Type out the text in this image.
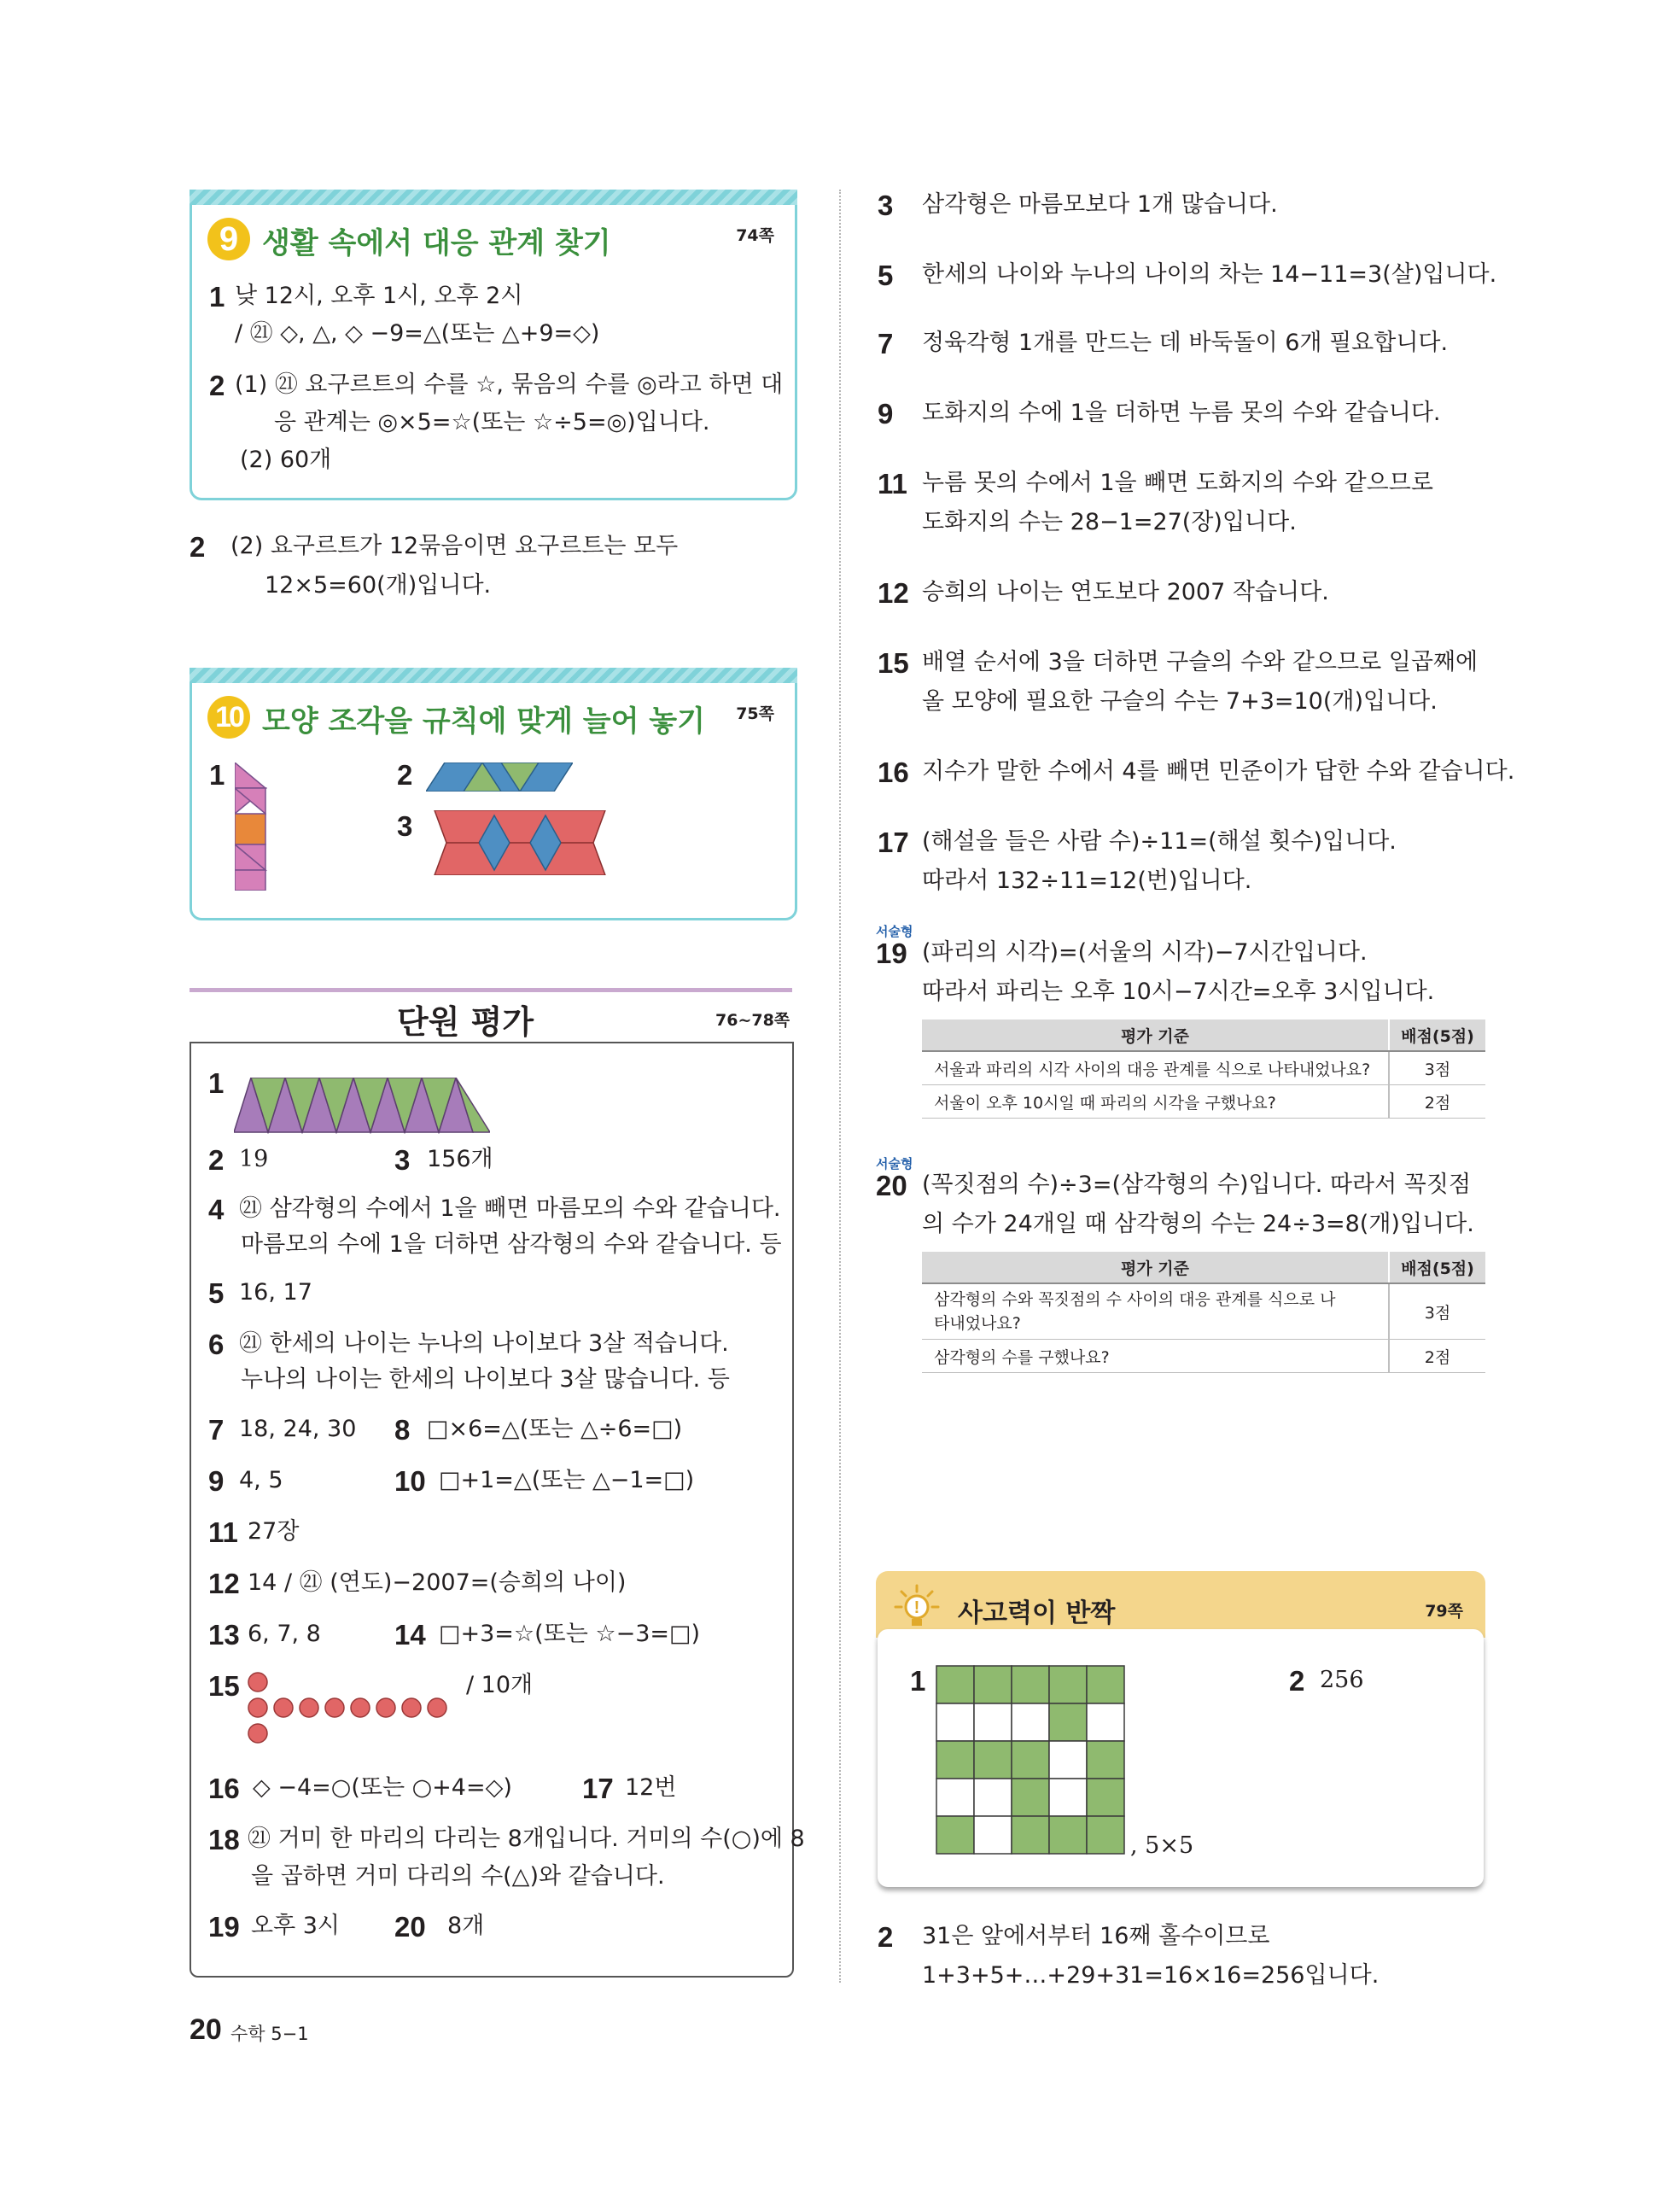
9 생활 속에서 대응 관계 찾기	74쪽
1 낮 12시, 오후 1시, 오후 2시
/ ㉑ ◇, △, ◇ −9=△(또는 △+9=◇)
2 (1) ㉑ 요구르트의 수를 ☆, 묶음의 수를 ◎라고 하면 대
응 관계는 ◎×5=☆(또는 ☆÷5=◎)입니다.
(2) 60개
2 (2) 요구르트가 12묶음이면 요구르트는 모두
12×5=60(개)입니다.
10 모양 조각을 규칙에 맞게 늘어 놓기 75쪽
1	2
3
단원 평가	76~78쪽
1
2 19	3 156개
4 ㉑ 삼각형의 수에서 1을 빼면 마름모의 수와 같습니다.
마름모의 수에 1을 더하면 삼각형의 수와 같습니다. 등
5 16, 17
6 ㉑ 한세의 나이는 누나의 나이보다 3살 적습니다.
누나의 나이는 한세의 나이보다 3살 많습니다. 등
7 18, 24, 30 8 □×6=△(또는 △÷6=□)
9 4, 5	10 □+1=△(또는 △−1=□)
11 27장
12 14 / ㉑ (연도)−2007=(승희의 나이)
13 6, 7, 8	14 □+3=☆(또는 ☆−3=□)
15	/ 10개
16 ◇ −4=○(또는 ○+4=◇) 17 12번
18 ㉑ 거미 한 마리의 다리는 8개입니다. 거미의 수(○)에 8
을 곱하면 거미 다리의 수(△)와 같습니다.
19 오후 3시 20 8개
20 수학 5−1
3 삼각형은 마름모보다 1개 많습니다.
5 한세의 나이와 누나의 나이의 차는 14−11=3(살)입니다.
7 정육각형 1개를 만드는 데 바둑돌이 6개 필요합니다.
9 도화지의 수에 1을 더하면 누름 못의 수와 같습니다.
11 누름 못의 수에서 1을 빼면 도화지의 수와 같으므로
도화지의 수는 28−1=27(장)입니다.
12 승희의 나이는 연도보다 2007 작습니다.
15 배열 순서에 3을 더하면 구슬의 수와 같으므로 일곱째에
올 모양에 필요한 구슬의 수는 7+3=10(개)입니다.
16 지수가 말한 수에서 4를 빼면 민준이가 답한 수와 같습니다.
17 (해설을 들은 사람 수)÷11=(해설 횟수)입니다.
따라서 132÷11=12(번)입니다.
서술형
19 (파리의 시각)=(서울의 시각)−7시간입니다.
따라서 파리는 오후 10시−7시간=오후 3시입니다.
평가 기준	배점(5점)
서울과 파리의 시각 사이의 대응 관계를 식으로 나타내었나요?	3점
서울이 오후 10시일 때 파리의 시각을 구했나요?	2점
서술형
20 (꼭짓점의 수)÷3=(삼각형의 수)입니다. 따라서 꼭짓점
의 수가 24개일 때 삼각형의 수는 24÷3=8(개)입니다.
평가 기준	배점(5점)
삼각형의 수와 꼭짓점의 수 사이의 대응 관계를 식으로 나
타내었나요?	3점
삼각형의 수를 구했나요?	2점
! 사고력이 반짝	79쪽
1
, 5×5
2 256
2 31은 앞에서부터 16째 홀수이므로
1+3+5+…+29+31=16×16=256입니다.
